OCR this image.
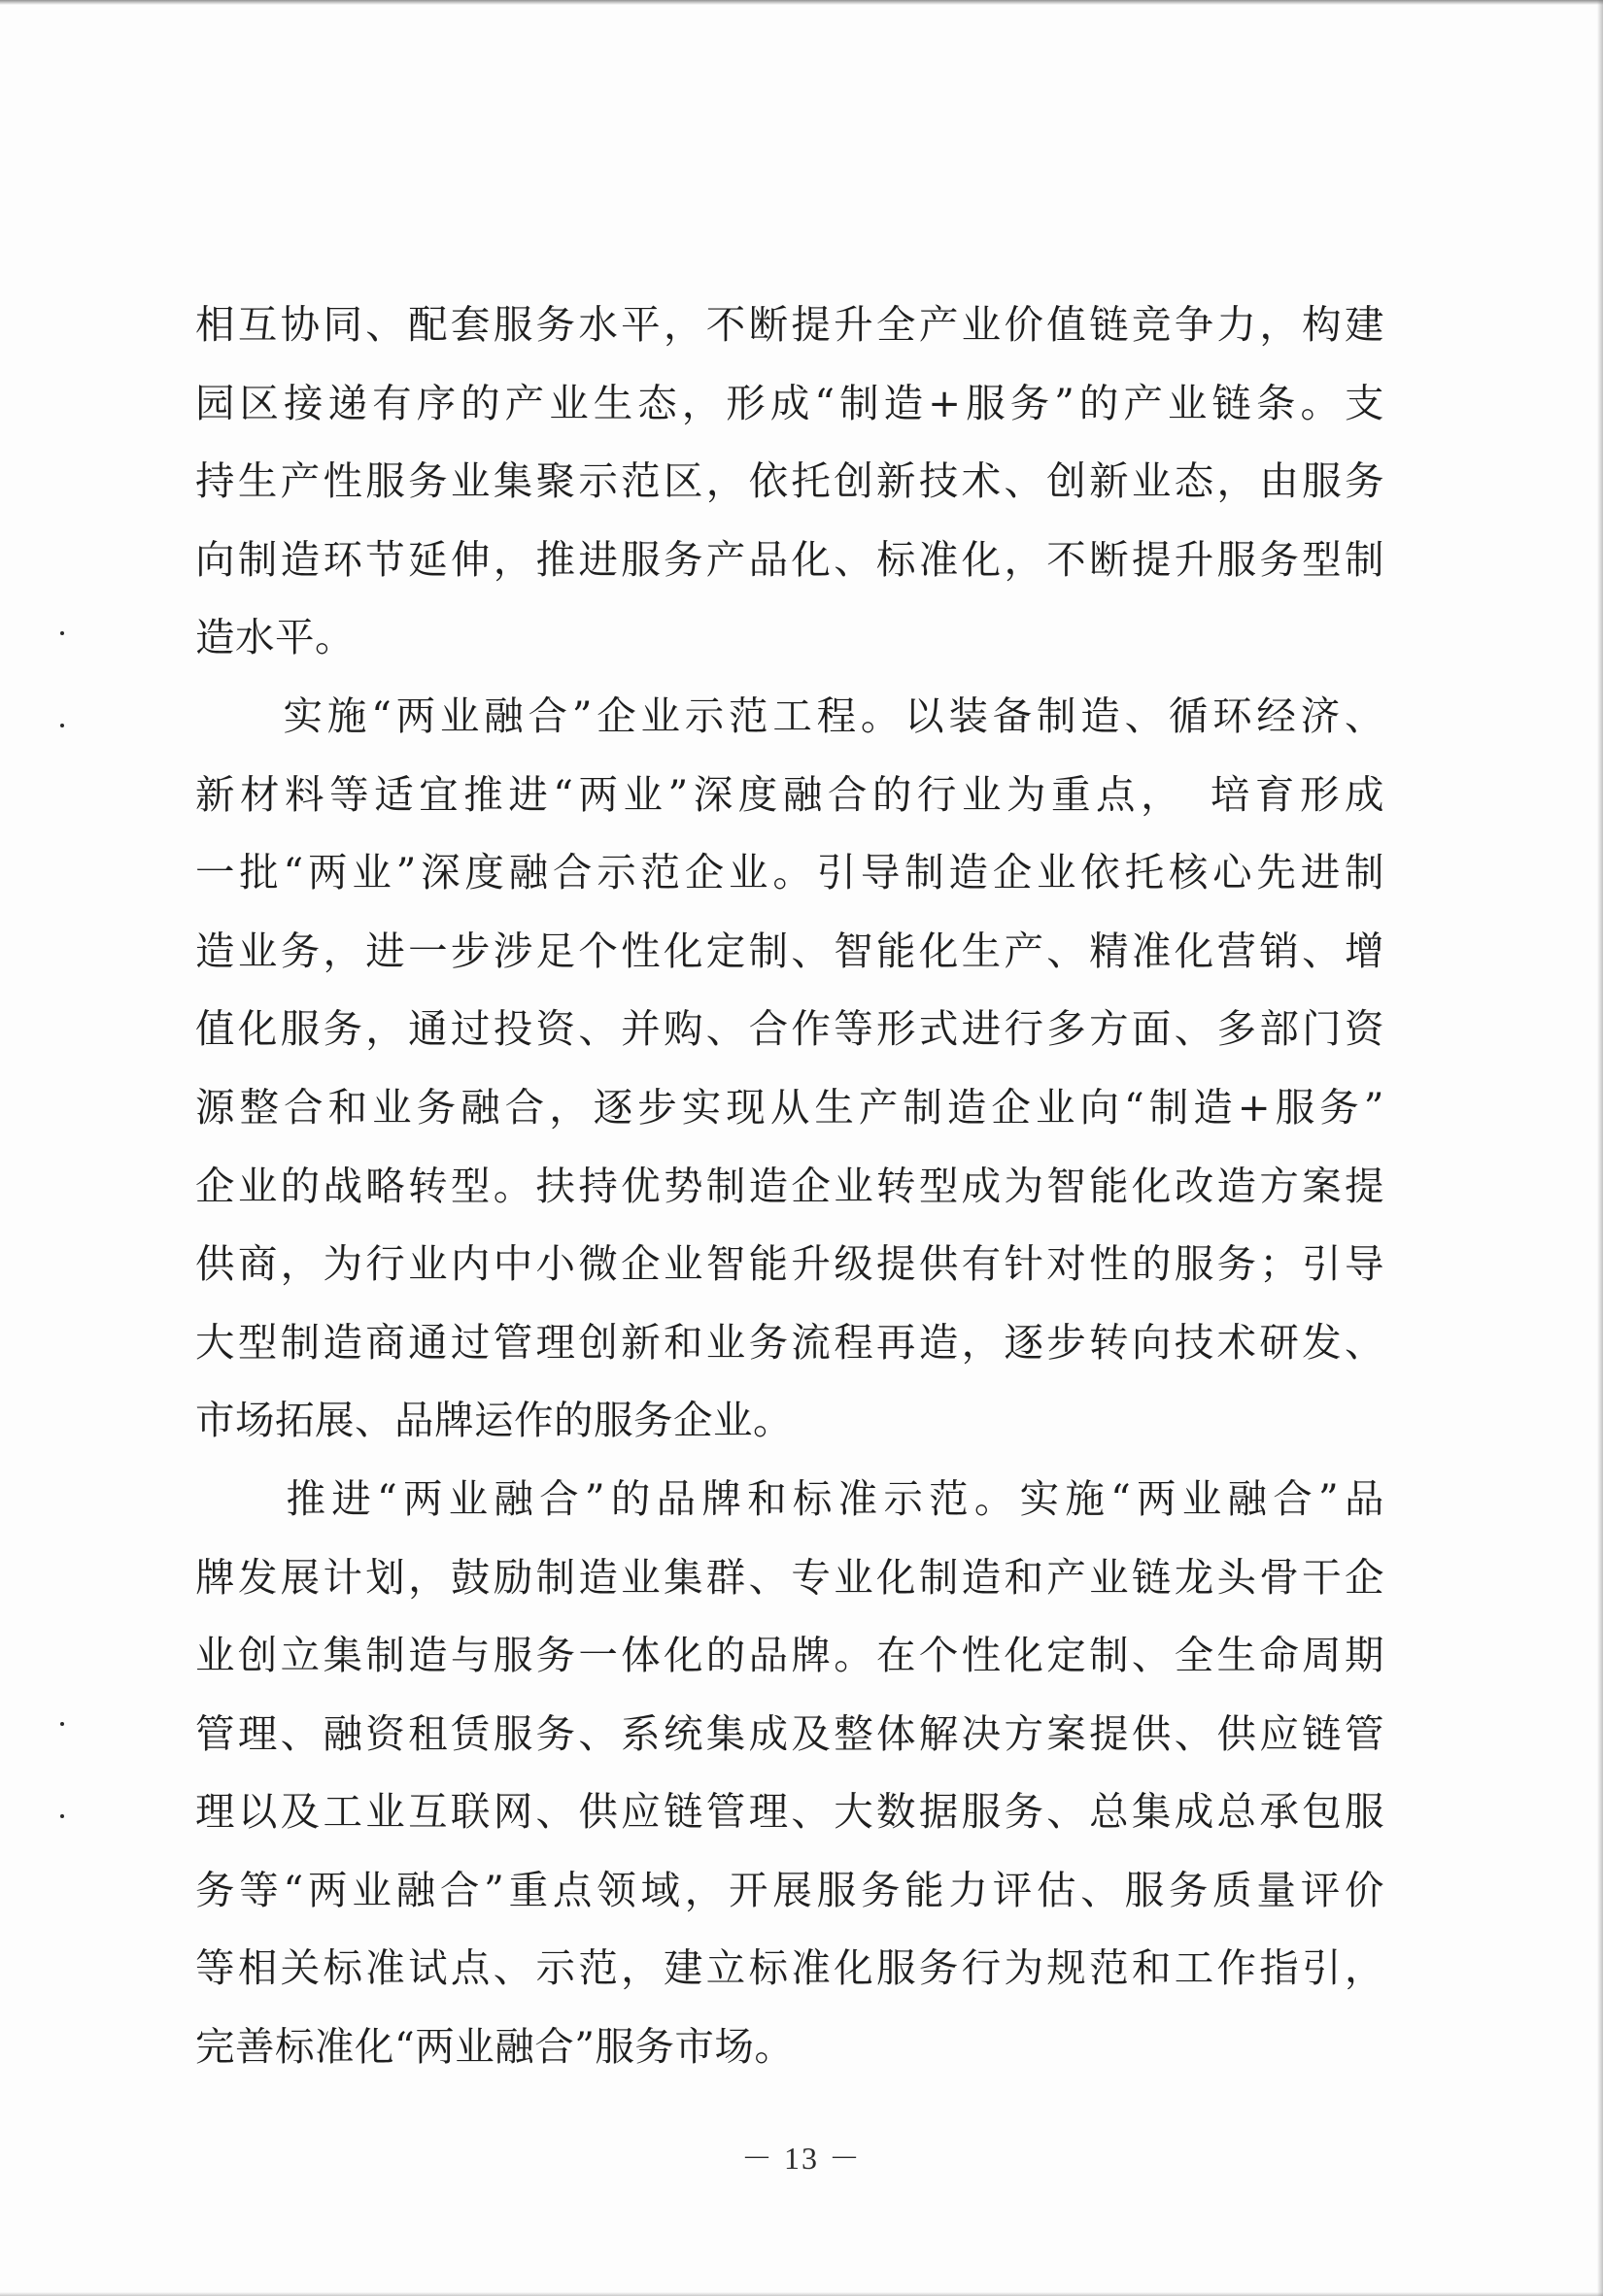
相互协同、配套服务水平，不断提升全产业价值链竞争力，构建
园区接递有序的产业生态，形成“制造+服务”的产业链条。支
持生产性服务业集聚示范区，依托创新技术、创新业态，由服务
向制造环节延伸，推进服务产品化、标准化，不断提升服务型制
造水平。
　　实施“两业融合”企业示范工程。以装备制造、循环经济、
新材料等适宜推进“两业”深度融合的行业为重点，　培育形成
一批“两业”深度融合示范企业。引导制造企业依托核心先进制
造业务，进一步涉足个性化定制、智能化生产、精准化营销、增
值化服务，通过投资、并购、合作等形式进行多方面、多部门资
源整合和业务融合，逐步实现从生产制造企业向“制造+服务”
企业的战略转型。扶持优势制造企业转型成为智能化改造方案提
供商，为行业内中小微企业智能升级提供有针对性的服务；引导
大型制造商通过管理创新和业务流程再造，逐步转向技术研发、
市场拓展、品牌运作的服务企业。
　　推进“两业融合”的品牌和标准示范。实施“两业融合”品
牌发展计划，鼓励制造业集群、专业化制造和产业链龙头骨干企
业创立集制造与服务一体化的品牌。在个性化定制、全生命周期
管理、融资租赁服务、系统集成及整体解决方案提供、供应链管
理以及工业互联网、供应链管理、大数据服务、总集成总承包服
务等“两业融合”重点领域，开展服务能力评估、服务质量评价
等相关标准试点、示范，建立标准化服务行为规范和工作指引，
完善标准化“两业融合”服务市场。
－ 13 －
